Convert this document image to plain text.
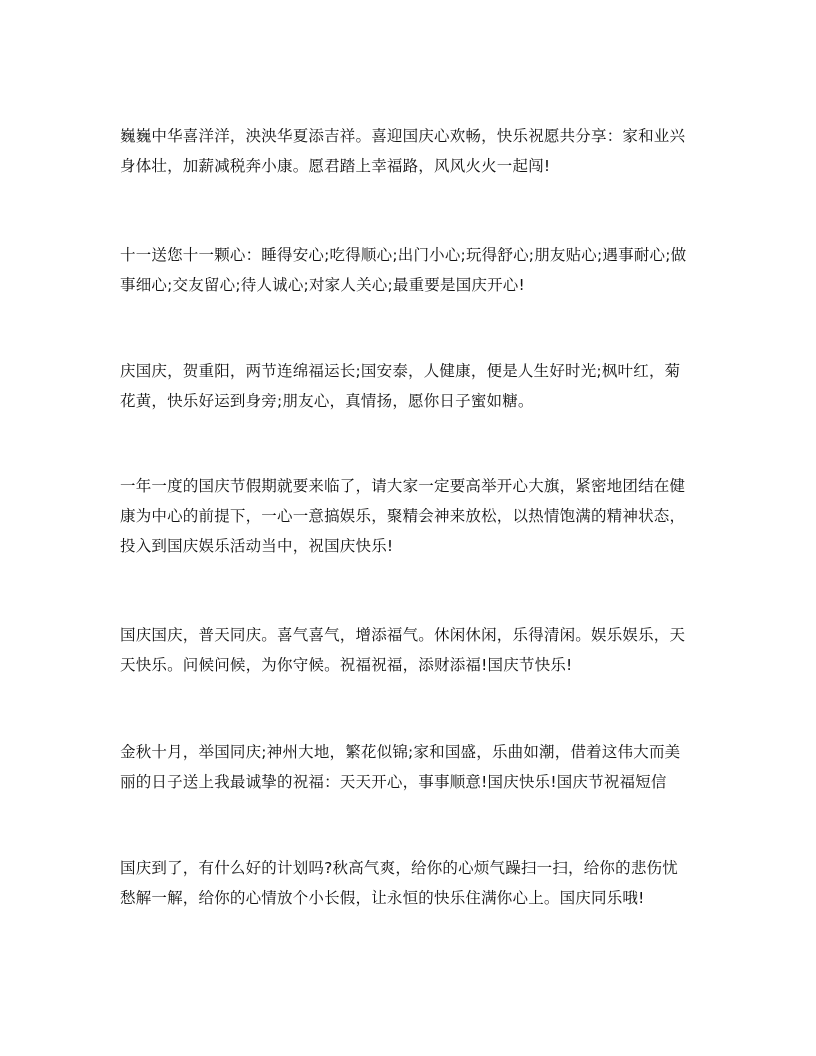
巍巍中华喜洋洋，泱泱华夏添吉祥。喜迎国庆心欢畅，快乐祝愿共分享：家和业兴
身体壮，加薪减税奔小康。愿君踏上幸福路，风风火火一起闯!

十一送您十一颗心：睡得安心;吃得顺心;出门小心;玩得舒心;朋友贴心;遇事耐心;做
事细心;交友留心;待人诚心;对家人关心;最重要是国庆开心!

庆国庆，贺重阳，两节连绵福运长;国安泰，人健康，便是人生好时光;枫叶红，菊
花黄，快乐好运到身旁;朋友心，真情扬，愿你日子蜜如糖。

一年一度的国庆节假期就要来临了，请大家一定要高举开心大旗，紧密地团结在健
康为中心的前提下，一心一意搞娱乐，聚精会神来放松，以热情饱满的精神状态，
投入到国庆娱乐活动当中，祝国庆快乐!

国庆国庆，普天同庆。喜气喜气，增添福气。休闲休闲，乐得清闲。娱乐娱乐，天
天快乐。问候问候，为你守候。祝福祝福，添财添福!国庆节快乐!

金秋十月，举国同庆;神州大地，繁花似锦;家和国盛，乐曲如潮，借着这伟大而美
丽的日子送上我最诚挚的祝福：天天开心，事事顺意!国庆快乐!国庆节祝福短信

国庆到了，有什么好的计划吗?秋高气爽，给你的心烦气躁扫一扫，给你的悲伤忧
愁解一解，给你的心情放个小长假，让永恒的快乐住满你心上。国庆同乐哦!
